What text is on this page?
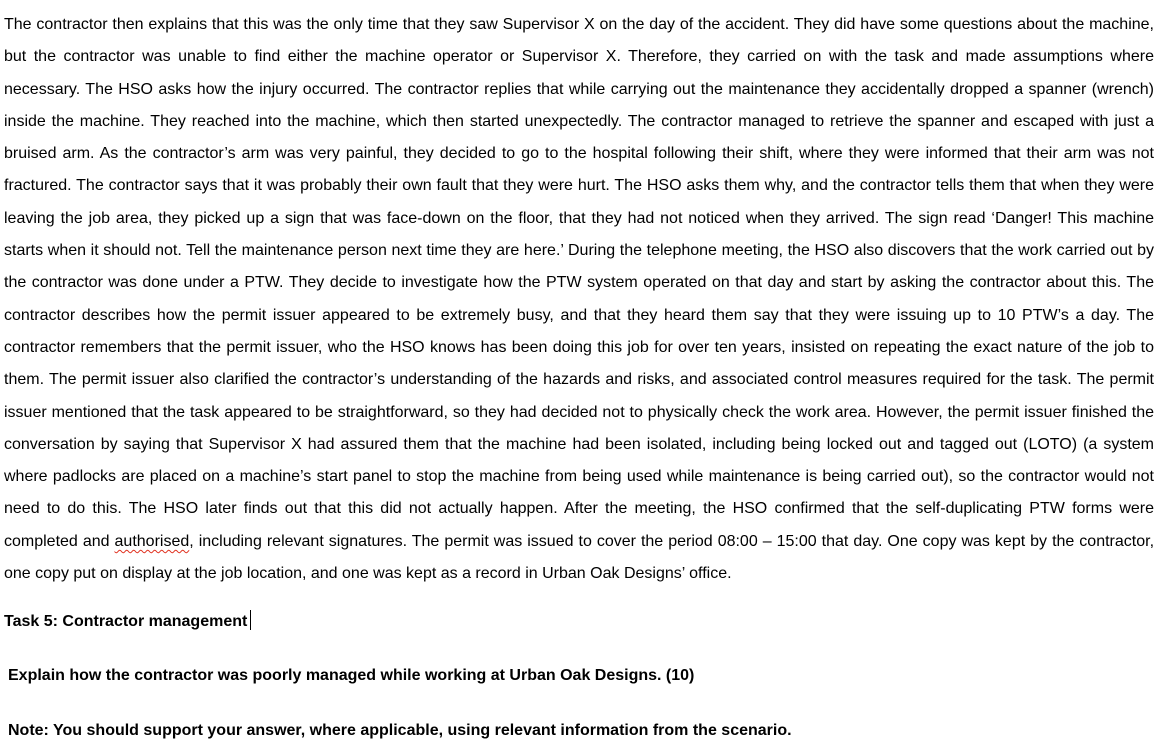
The contractor then explains that this was the only time that they saw Supervisor X on the day of the accident. They did have some questions about the machine, but the contractor was unable to find either the machine operator or Supervisor X. Therefore, they carried on with the task and made assumptions where necessary. The HSO asks how the injury occurred. The contractor replies that while carrying out the maintenance they accidentally dropped a spanner (wrench) inside the machine. They reached into the machine, which then started unexpectedly. The contractor managed to retrieve the spanner and escaped with just a bruised arm. As the contractor’s arm was very painful, they decided to go to the hospital following their shift, where they were informed that their arm was not fractured. The contractor says that it was probably their own fault that they were hurt. The HSO asks them why, and the contractor tells them that when they were leaving the job area, they picked up a sign that was face-down on the floor, that they had not noticed when they arrived. The sign read ‘Danger! This machine starts when it should not. Tell the maintenance person next time they are here.’ During the telephone meeting, the HSO also discovers that the work carried out by the contractor was done under a PTW. They decide to investigate how the PTW system operated on that day and start by asking the contractor about this. The contractor describes how the permit issuer appeared to be extremely busy, and that they heard them say that they were issuing up to 10 PTW’s a day. The contractor remembers that the permit issuer, who the HSO knows has been doing this job for over ten years, insisted on repeating the exact nature of the job to them. The permit issuer also clarified the contractor’s understanding of the hazards and risks, and associated control measures required for the task. The permit issuer mentioned that the task appeared to be straightforward, so they had decided not to physically check the work area. However, the permit issuer finished the conversation by saying that Supervisor X had assured them that the machine had been isolated, including being locked out and tagged out (LOTO) (a system where padlocks are placed on a machine’s start panel to stop the machine from being used while maintenance is being carried out), so the contractor would not need to do this. The HSO later finds out that this did not actually happen. After the meeting, the HSO confirmed that the self-duplicating PTW forms were completed and authorised, including relevant signatures. The permit was issued to cover the period 08:00 – 15:00 that day. One copy was kept by the contractor, one copy put on display at the job location, and one was kept as a record in Urban Oak Designs’ office.

Task 5: Contractor management

Explain how the contractor was poorly managed while working at Urban Oak Designs. (10)

Note: You should support your answer, where applicable, using relevant information from the scenario.
